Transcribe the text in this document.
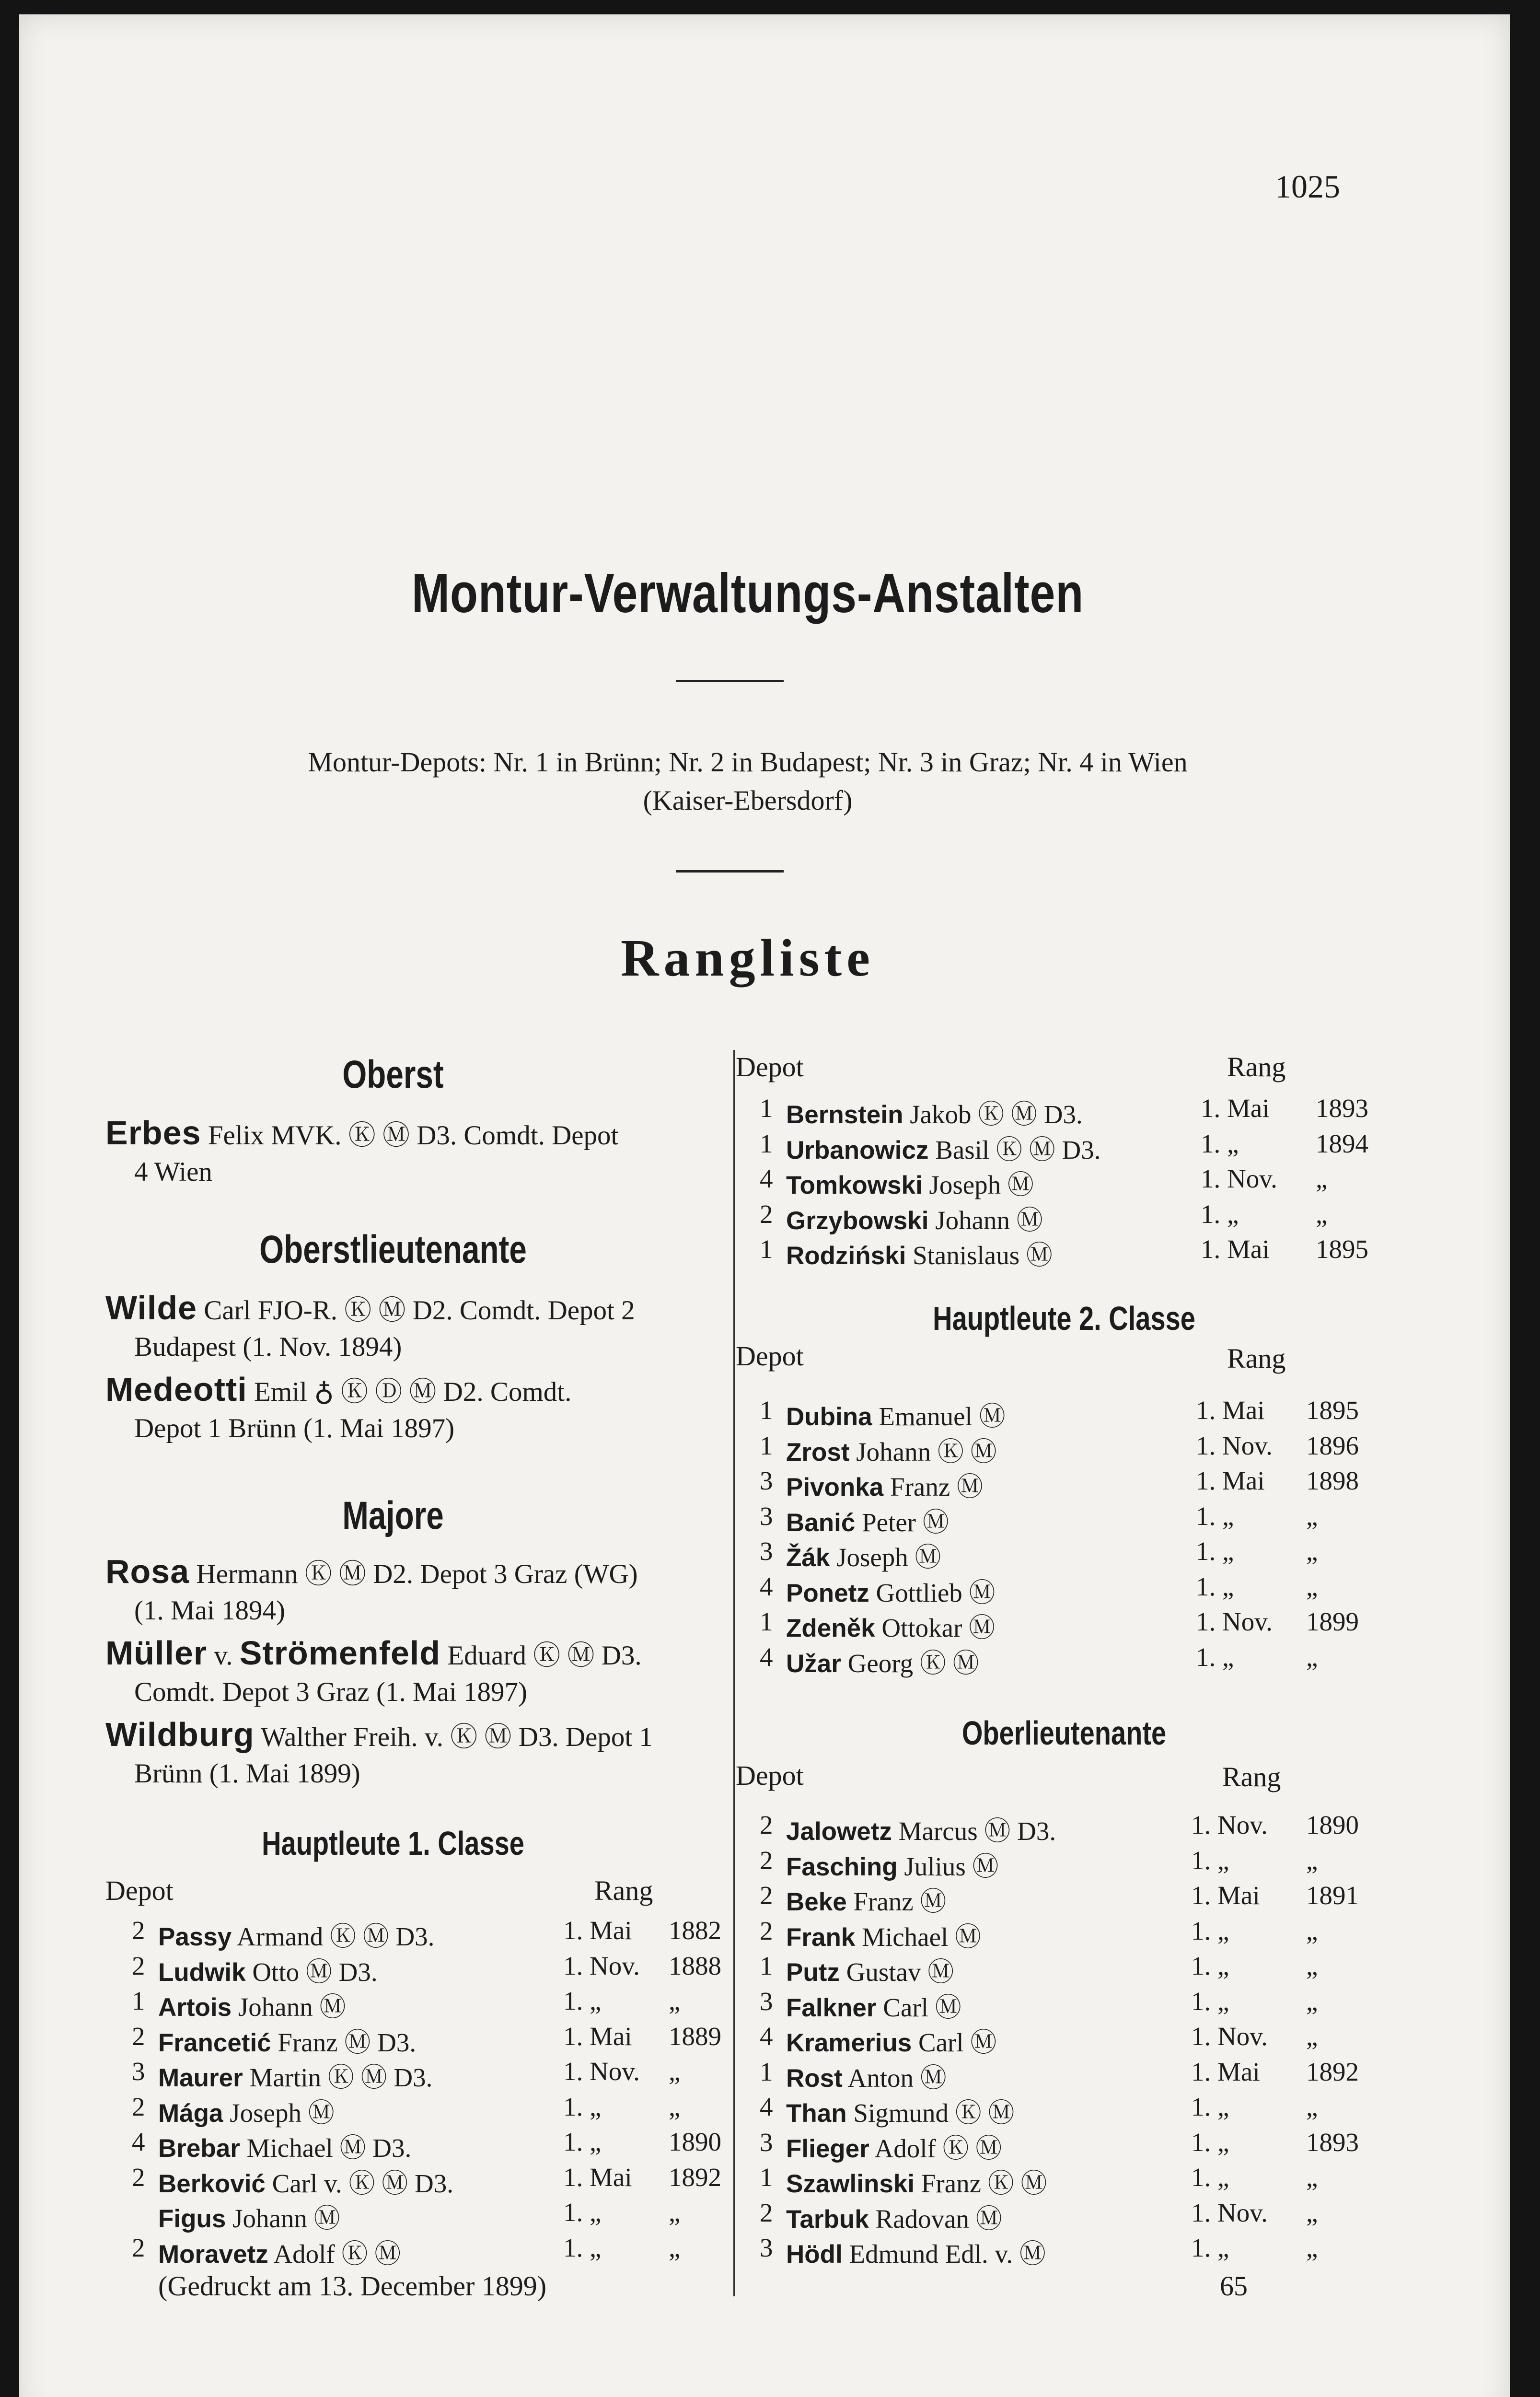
1025
Montur-Verwaltungs-Anstalten
Montur-Depots: Nr. 1 in Brünn; Nr. 2 in Budapest; Nr. 3 in Graz; Nr. 4 in Wien
(Kaiser-Ebersdorf)
Rangliste
Oberst
Erbes Felix MVK. Ⓚ Ⓜ D3. Comdt. Depot
4 Wien
Oberstlieutenante
Wilde Carl FJO-R. Ⓚ Ⓜ D2. Comdt. Depot 2
Budapest (1. Nov. 1894)
Medeotti Emil ♁ Ⓚ Ⓓ Ⓜ D2. Comdt.
Depot 1 Brünn (1. Mai 1897)
Majore
Rosa Hermann Ⓚ Ⓜ D2. Depot 3 Graz (WG)
(1. Mai 1894)
Müller v. Strömenfeld Eduard Ⓚ Ⓜ D3.
Comdt. Depot 3 Graz (1. Mai 1897)
Wildburg Walther Freih. v. Ⓚ Ⓜ D3. Depot 1
Brünn (1. Mai 1899)
Hauptleute 1. Classe
Depot	Rang
2 Passy Armand Ⓚ Ⓜ D3.	1. Mai 1882
2 Ludwik Otto Ⓜ D3.	1. Nov. 1888
1 Artois Johann Ⓜ	1. „	„
2 Francetić Franz Ⓜ D3.	1. Mai 1889
3 Maurer Martin Ⓚ Ⓜ D3.	1. Nov. „
2 Mága Joseph Ⓜ	1. „	„
4 Brebar Michael Ⓜ D3.	1. „	1890
2 Berković Carl v. Ⓚ Ⓜ D3.	1. Mai 1892
Figus Johann Ⓜ	1. „	„
2 Moravetz Adolf Ⓚ Ⓜ	1. „	„
(Gedruckt am 13. December 1899)
Depot	Rang
1 Bernstein Jakob Ⓚ Ⓜ D3.	1. Mai 1893
1 Urbanowicz Basil Ⓚ Ⓜ D3.	1. „	1894
4 Tomkowski Joseph Ⓜ	1. Nov. „
2 Grzybowski Johann Ⓜ	1. „	„
1 Rodziński Stanislaus Ⓜ	1. Mai 1895
Hauptleute 2. Classe
Depot	Rang
1 Dubina Emanuel Ⓜ	1. Mai 1895
1 Zrost Johann Ⓚ Ⓜ	1. Nov. 1896
3 Pivonka Franz Ⓜ	1. Mai 1898
3 Banić Peter Ⓜ	1. „	„
3 Žák Joseph Ⓜ	1. „	„
4 Ponetz Gottlieb Ⓜ	1. „	„
1 Zdeněk Ottokar Ⓜ	1. Nov. 1899
4 Užar Georg Ⓚ Ⓜ	1. „	„
Oberlieutenante
Depot	Rang
2 Jalowetz Marcus Ⓜ D3.	1. Nov. 1890
2 Fasching Julius Ⓜ	1. „	„
2 Beke Franz Ⓜ	1. Mai 1891
2 Frank Michael Ⓜ	1. „	„
1 Putz Gustav Ⓜ	1. „	„
3 Falkner Carl Ⓜ	1. „	„
4 Kramerius Carl Ⓜ	1. Nov. „
1 Rost Anton Ⓜ	1. Mai 1892
4 Than Sigmund Ⓚ Ⓜ	1. „	„
3 Flieger Adolf Ⓚ Ⓜ	1. „	1893
1 Szawlinski Franz Ⓚ Ⓜ	1. „	„
2 Tarbuk Radovan Ⓜ	1. Nov. „
3 Hödl Edmund Edl. v. Ⓜ	1. „	„
65
